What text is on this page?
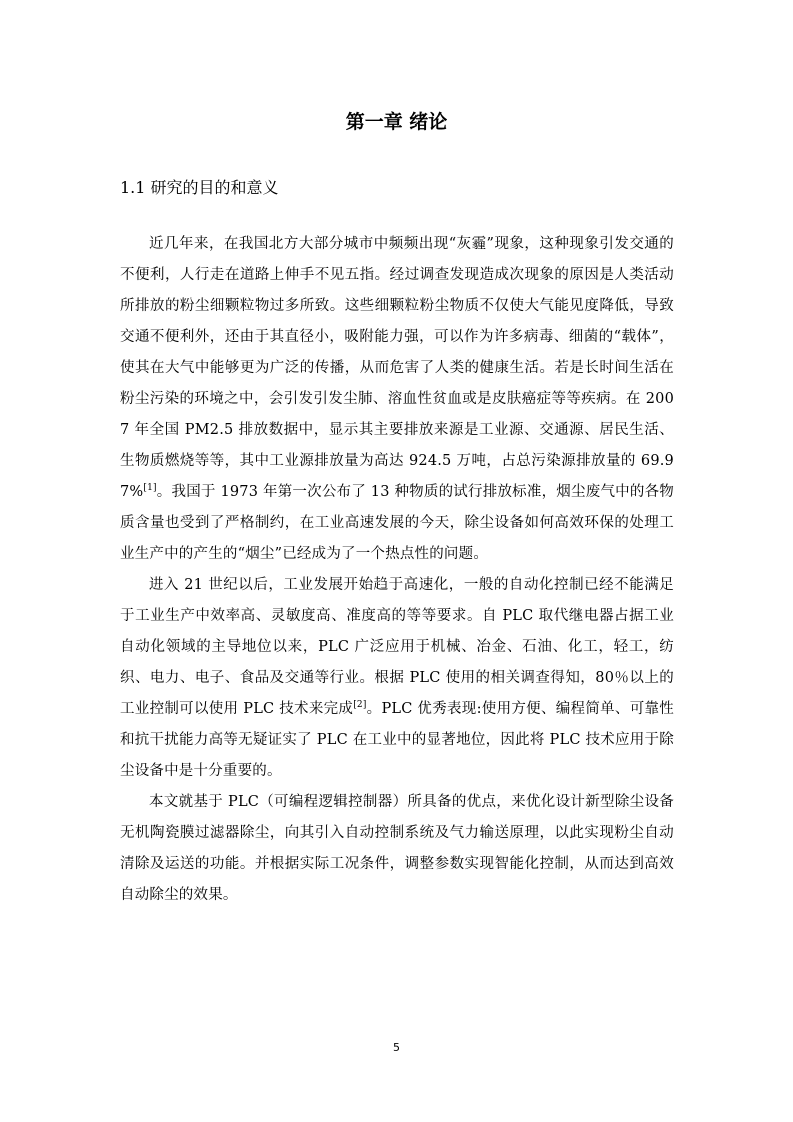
第一章 绪论
1.1 研究的目的和意义

近几年来，在我国北方大部分城市中频频出现“灰霾”现象，这种现象引发交通的不便利，人行走在道路上伸手不见五指。经过调查发现造成次现象的原因是人类活动所排放的粉尘细颗粒物过多所致。这些细颗粒粉尘物质不仅使大气能见度降低，导致交通不便利外，还由于其直径小，吸附能力强，可以作为许多病毒、细菌的“载体”，使其在大气中能够更为广泛的传播，从而危害了人类的健康生活。若是长时间生活在粉尘污染的环境之中，会引发引发尘肺、溶血性贫血或是皮肤癌症等等疾病。在 2007 年全国 PM2.5 排放数据中，显示其主要排放来源是工业源、交通源、居民生活、生物质燃烧等等，其中工业源排放量为高达 924.5 万吨，占总污染源排放量的 69.97%[1]。我国于 1973 年第一次公布了 13 种物质的试行排放标准，烟尘废气中的各物质含量也受到了严格制约，在工业高速发展的今天，除尘设备如何高效环保的处理工业生产中的产生的“烟尘”已经成为了一个热点性的问题。

进入 21 世纪以后，工业发展开始趋于高速化，一般的自动化控制已经不能满足于工业生产中效率高、灵敏度高、准度高的等等要求。自 PLC 取代继电器占据工业自动化领域的主导地位以来，PLC 广泛应用于机械、冶金、石油、化工，轻工，纺织、电力、电子、食品及交通等行业。根据 PLC 使用的相关调查得知，80％以上的工业控制可以使用 PLC 技术来完成[2]。PLC 优秀表现:使用方便、编程简单、可靠性和抗干扰能力高等无疑证实了 PLC 在工业中的显著地位，因此将 PLC 技术应用于除尘设备中是十分重要的。

本文就基于 PLC（可编程逻辑控制器）所具备的优点，来优化设计新型除尘设备无机陶瓷膜过滤器除尘，向其引入自动控制系统及气力输送原理，以此实现粉尘自动清除及运送的功能。并根据实际工况条件，调整参数实现智能化控制，从而达到高效自动除尘的效果。

5
